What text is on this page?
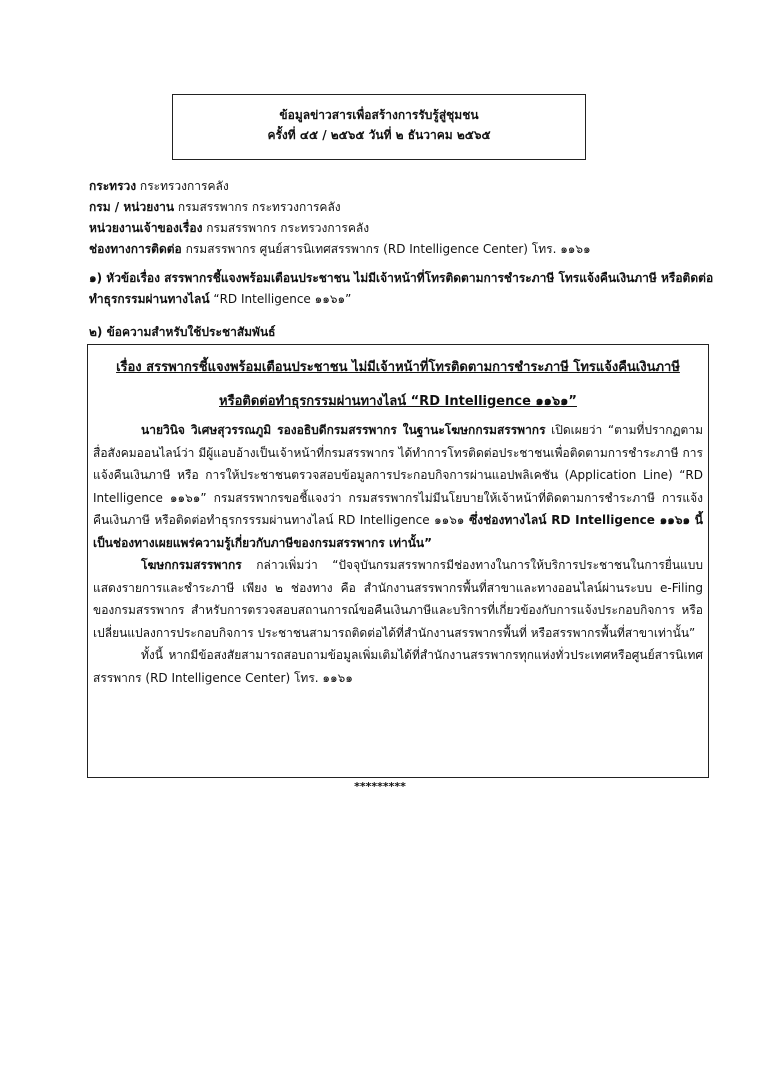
ข้อมูลข่าวสารเพื่อสร้างการรับรู้สู่ชุมชน
ครั้งที่ ๔๕ / ๒๕๖๕ วันที่ ๒ ธันวาคม ๒๕๖๕
กระทรวง กระทรวงการคลัง
กรม / หน่วยงาน กรมสรรพากร กระทรวงการคลัง
หน่วยงานเจ้าของเรื่อง กรมสรรพากร กระทรวงการคลัง
ช่องทางการติดต่อ กรมสรรพากร ศูนย์สารนิเทศสรรพากร (RD Intelligence Center) โทร. ๑๑๖๑
๑) หัวข้อเรื่อง สรรพากรชี้แจงพร้อมเตือนประชาชน ไม่มีเจ้าหน้าที่โทรติดตามการชำระภาษี โทรแจ้งคืนเงินภาษี หรือติดต่อทำธุรกรรมผ่านทางไลน์ “RD Intelligence ๑๑๖๑”
๒) ข้อความสำหรับใช้ประชาสัมพันธ์
เรื่อง สรรพากรชี้แจงพร้อมเตือนประชาชน ไม่มีเจ้าหน้าที่โทรติดตามการชำระภาษี โทรแจ้งคืนเงินภาษี
หรือติดต่อทำธุรกรรมผ่านทางไลน์ “RD Intelligence ๑๑๖๑”
นายวินิจ วิเศษสุวรรณภูมิ รองอธิบดีกรมสรรพากร ในฐานะโฆษกกรมสรรพากร เปิดเผยว่า “ตามที่ปรากฏตามสื่อสังคมออนไลน์ว่า มีผู้แอบอ้างเป็นเจ้าหน้าที่กรมสรรพากร ได้ทำการโทรติดต่อประชาชนเพื่อติดตามการชำระภาษี การแจ้งคืนเงินภาษี หรือ การให้ประชาชนตรวจสอบข้อมูลการประกอบกิจการผ่านแอปพลิเคชัน (Application Line) “RD Intelligence ๑๑๖๑” กรมสรรพากรขอชี้แจงว่า กรมสรรพากรไม่มีนโยบายให้เจ้าหน้าที่ติดตามการชำระภาษี การแจ้งคืนเงินภาษี หรือติดต่อทำธุรกรรรมผ่านทางไลน์ RD Intelligence ๑๑๖๑ ซึ่งช่องทางไลน์ RD Intelligence ๑๑๖๑ นี้ เป็นช่องทางเผยแพร่ความรู้เกี่ยวกับภาษีของกรมสรรพากร เท่านั้น”
โฆษกกรมสรรพากร กล่าวเพิ่มว่า “ปัจจุบันกรมสรรพากรมีช่องทางในการให้บริการประชาชนในการยื่นแบบแสดงรายการและชำระภาษี เพียง ๒ ช่องทาง คือ สำนักงานสรรพากรพื้นที่สาขาและทางออนไลน์ผ่านระบบ e-Filing ของกรมสรรพากร สำหรับการตรวจสอบสถานการณ์ขอคืนเงินภาษีและบริการที่เกี่ยวข้องกับการแจ้งประกอบกิจการ หรือเปลี่ยนแปลงการประกอบกิจการ ประชาชนสามารถติดต่อได้ที่สำนักงานสรรพากรพื้นที่ หรือสรรพากรพื้นที่สาขาเท่านั้น”
ทั้งนี้ หากมีข้อสงสัยสามารถสอบถามข้อมูลเพิ่มเติมได้ที่สำนักงานสรรพากรทุกแห่งทั่วประเทศหรือศูนย์สารนิเทศสรรพากร (RD Intelligence Center) โทร. ๑๑๖๑
*********
